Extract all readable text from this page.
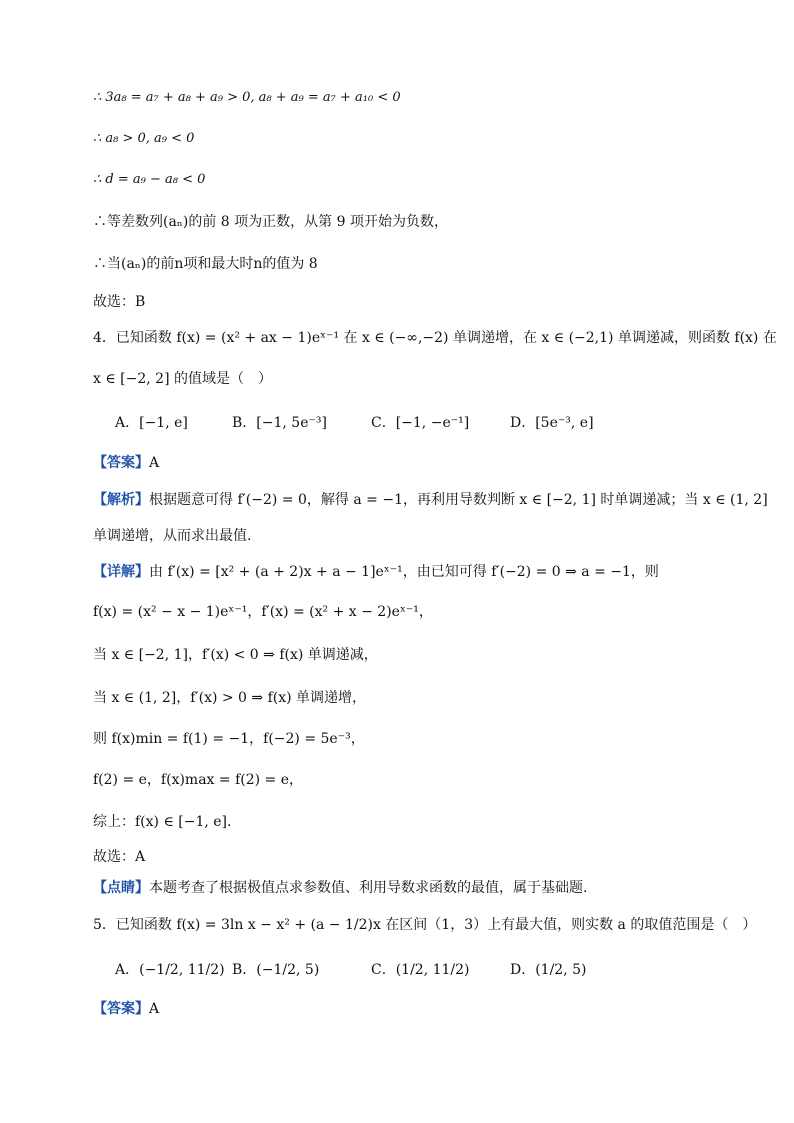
∴ 3a₈ = a₇ + a₈ + a₉ > 0, a₈ + a₉ = a₇ + a₁₀ < 0
∴ a₈ > 0, a₉ < 0
∴ d = a₉ − a₈ < 0
∴等差数列(aₙ)的前 8 项为正数，从第 9 项开始为负数，
∴当(aₙ)的前n项和最大时n的值为 8
故选：B
4．已知函数 f(x) = (x² + ax − 1)eˣ⁻¹ 在 x ∈ (−∞,−2) 单调递增，在 x ∈ (−2,1) 单调递减，则函数 f(x) 在
x ∈ [−2, 2] 的值域是（　）
A．[−1, e]	B．[−1, 5e⁻³]	C．[−1, −e⁻¹]	D．[5e⁻³, e]
【答案】A
【解析】根据题意可得 f′(−2) = 0，解得 a = −1，再利用导数判断 x ∈ [−2, 1] 时单调递减；当 x ∈ (1, 2]
单调递增，从而求出最值.
【详解】由 f′(x) = [x² + (a + 2)x + a − 1]eˣ⁻¹，由已知可得 f′(−2) = 0 ⇒ a = −1，则
f(x) = (x² − x − 1)eˣ⁻¹，f′(x) = (x² + x − 2)eˣ⁻¹，
当 x ∈ [−2, 1]，f′(x) < 0 ⇒ f(x) 单调递减，
当 x ∈ (1, 2]，f′(x) > 0 ⇒ f(x) 单调递增，
则 f(x)min = f(1) = −1，f(−2) = 5e⁻³，
f(2) = e，f(x)max = f(2) = e，
综上：f(x) ∈ [−1, e].
故选：A
【点睛】本题考查了根据极值点求参数值、利用导数求函数的最值，属于基础题.
5．已知函数 f(x) = 3ln x − x² + (a − 1/2)x 在区间（1，3）上有最大值，则实数 a 的取值范围是（　）
A．(−1/2, 11/2) B．(−1/2, 5)	C．(1/2, 11/2)	D．(1/2, 5)
【答案】A
